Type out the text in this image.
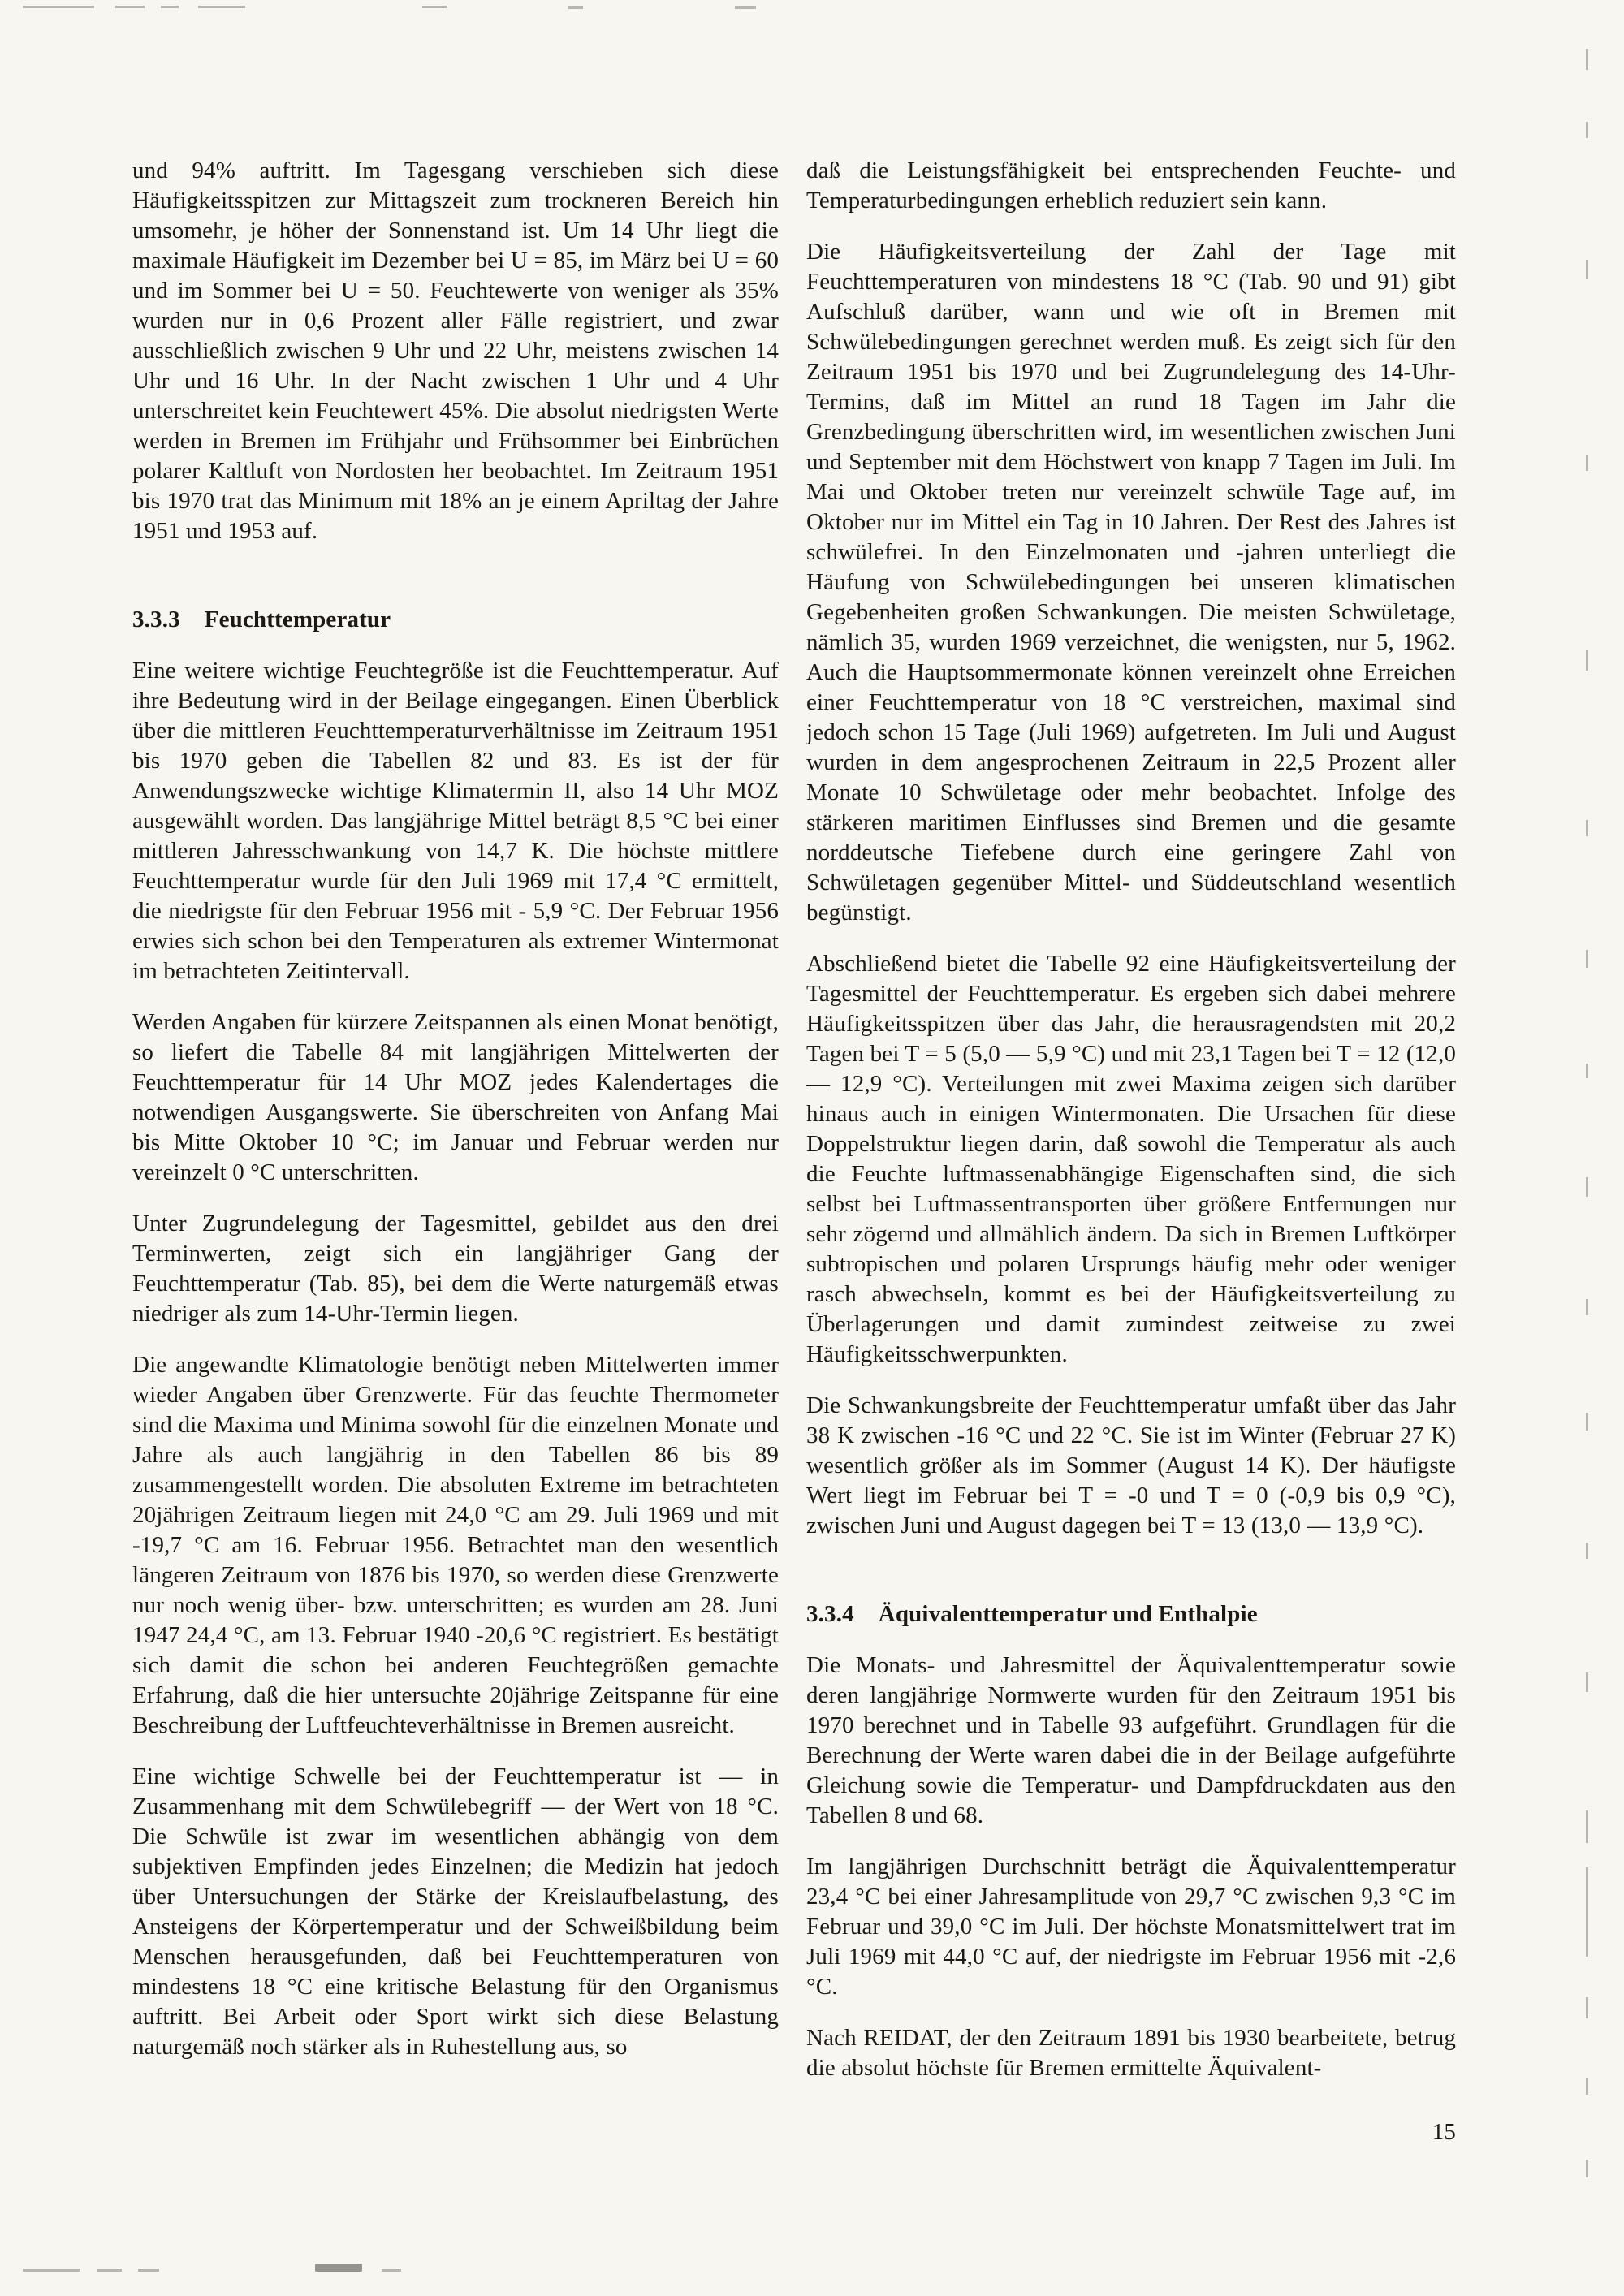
und 94% auftritt. Im Tagesgang verschieben sich diese Häufigkeitsspitzen zur Mittagszeit zum trockneren Bereich hin umsomehr, je höher der Sonnenstand ist. Um 14 Uhr liegt die maximale Häufigkeit im Dezember bei U = 85, im März bei U = 60 und im Sommer bei U = 50. Feuchtewerte von weniger als 35% wurden nur in 0,6 Prozent aller Fälle registriert, und zwar ausschließlich zwischen 9 Uhr und 22 Uhr, meistens zwischen 14 Uhr und 16 Uhr. In der Nacht zwischen 1 Uhr und 4 Uhr unterschreitet kein Feuchtewert 45%. Die absolut niedrigsten Werte werden in Bremen im Frühjahr und Frühsommer bei Einbrüchen polarer Kaltluft von Nordosten her beobachtet. Im Zeitraum 1951 bis 1970 trat das Minimum mit 18% an je einem Apriltag der Jahre 1951 und 1953 auf.

3.3.3 Feuchttemperatur

Eine weitere wichtige Feuchtegröße ist die Feuchttemperatur. Auf ihre Bedeutung wird in der Beilage eingegangen. Einen Überblick über die mittleren Feuchttemperaturverhältnisse im Zeitraum 1951 bis 1970 geben die Tabellen 82 und 83. Es ist der für Anwendungszwecke wichtige Klimatermin II, also 14 Uhr MOZ ausgewählt worden. Das langjährige Mittel beträgt 8,5 °C bei einer mittleren Jahresschwankung von 14,7 K. Die höchste mittlere Feuchttemperatur wurde für den Juli 1969 mit 17,4 °C ermittelt, die niedrigste für den Februar 1956 mit - 5,9 °C. Der Februar 1956 erwies sich schon bei den Temperaturen als extremer Wintermonat im betrachteten Zeitintervall.

Werden Angaben für kürzere Zeitspannen als einen Monat benötigt, so liefert die Tabelle 84 mit langjährigen Mittelwerten der Feuchttemperatur für 14 Uhr MOZ jedes Kalendertages die notwendigen Ausgangswerte. Sie überschreiten von Anfang Mai bis Mitte Oktober 10 °C; im Januar und Februar werden nur vereinzelt 0 °C unterschritten.

Unter Zugrundelegung der Tagesmittel, gebildet aus den drei Terminwerten, zeigt sich ein langjähriger Gang der Feuchttemperatur (Tab. 85), bei dem die Werte naturgemäß etwas niedriger als zum 14-Uhr-Termin liegen.

Die angewandte Klimatologie benötigt neben Mittelwerten immer wieder Angaben über Grenzwerte. Für das feuchte Thermometer sind die Maxima und Minima sowohl für die einzelnen Monate und Jahre als auch langjährig in den Tabellen 86 bis 89 zusammengestellt worden. Die absoluten Extreme im betrachteten 20jährigen Zeitraum liegen mit 24,0 °C am 29. Juli 1969 und mit -19,7 °C am 16. Februar 1956. Betrachtet man den wesentlich längeren Zeitraum von 1876 bis 1970, so werden diese Grenzwerte nur noch wenig über- bzw. unterschritten; es wurden am 28. Juni 1947 24,4 °C, am 13. Februar 1940 -20,6 °C registriert. Es bestätigt sich damit die schon bei anderen Feuchtegrößen gemachte Erfahrung, daß die hier untersuchte 20jährige Zeitspanne für eine Beschreibung der Luftfeuchteverhältnisse in Bremen ausreicht.

Eine wichtige Schwelle bei der Feuchttemperatur ist — in Zusammenhang mit dem Schwülebegriff — der Wert von 18 °C. Die Schwüle ist zwar im wesentlichen abhängig von dem subjektiven Empfinden jedes Einzelnen; die Medizin hat jedoch über Untersuchungen der Stärke der Kreislaufbelastung, des Ansteigens der Körpertemperatur und der Schweißbildung beim Menschen herausgefunden, daß bei Feuchttemperaturen von mindestens 18 °C eine kritische Belastung für den Organismus auftritt. Bei Arbeit oder Sport wirkt sich diese Belastung naturgemäß noch stärker als in Ruhestellung aus, so

daß die Leistungsfähigkeit bei entsprechenden Feuchte- und Temperaturbedingungen erheblich reduziert sein kann.

Die Häufigkeitsverteilung der Zahl der Tage mit Feuchttemperaturen von mindestens 18 °C (Tab. 90 und 91) gibt Aufschluß darüber, wann und wie oft in Bremen mit Schwülebedingungen gerechnet werden muß. Es zeigt sich für den Zeitraum 1951 bis 1970 und bei Zugrundelegung des 14-Uhr-Termins, daß im Mittel an rund 18 Tagen im Jahr die Grenzbedingung überschritten wird, im wesentlichen zwischen Juni und September mit dem Höchstwert von knapp 7 Tagen im Juli. Im Mai und Oktober treten nur vereinzelt schwüle Tage auf, im Oktober nur im Mittel ein Tag in 10 Jahren. Der Rest des Jahres ist schwülefrei. In den Einzelmonaten und -jahren unterliegt die Häufung von Schwülebedingungen bei unseren klimatischen Gegebenheiten großen Schwankungen. Die meisten Schwületage, nämlich 35, wurden 1969 verzeichnet, die wenigsten, nur 5, 1962. Auch die Hauptsommermonate können vereinzelt ohne Erreichen einer Feuchttemperatur von 18 °C verstreichen, maximal sind jedoch schon 15 Tage (Juli 1969) aufgetreten. Im Juli und August wurden in dem angesprochenen Zeitraum in 22,5 Prozent aller Monate 10 Schwületage oder mehr beobachtet. Infolge des stärkeren maritimen Einflusses sind Bremen und die gesamte norddeutsche Tiefebene durch eine geringere Zahl von Schwületagen gegenüber Mittel- und Süddeutschland wesentlich begünstigt.

Abschließend bietet die Tabelle 92 eine Häufigkeitsverteilung der Tagesmittel der Feuchttemperatur. Es ergeben sich dabei mehrere Häufigkeitsspitzen über das Jahr, die herausragendsten mit 20,2 Tagen bei T = 5 (5,0 — 5,9 °C) und mit 23,1 Tagen bei T = 12 (12,0 — 12,9 °C). Verteilungen mit zwei Maxima zeigen sich darüber hinaus auch in einigen Wintermonaten. Die Ursachen für diese Doppelstruktur liegen darin, daß sowohl die Temperatur als auch die Feuchte luftmassenabhängige Eigenschaften sind, die sich selbst bei Luftmassentransporten über größere Entfernungen nur sehr zögernd und allmählich ändern. Da sich in Bremen Luftkörper subtropischen und polaren Ursprungs häufig mehr oder weniger rasch abwechseln, kommt es bei der Häufigkeitsverteilung zu Überlagerungen und damit zumindest zeitweise zu zwei Häufigkeitsschwerpunkten.

Die Schwankungsbreite der Feuchttemperatur umfaßt über das Jahr 38 K zwischen -16 °C und 22 °C. Sie ist im Winter (Februar 27 K) wesentlich größer als im Sommer (August 14 K). Der häufigste Wert liegt im Februar bei T = -0 und T = 0 (-0,9 bis 0,9 °C), zwischen Juni und August dagegen bei T = 13 (13,0 — 13,9 °C).

3.3.4 Äquivalenttemperatur und Enthalpie

Die Monats- und Jahresmittel der Äquivalenttemperatur sowie deren langjährige Normwerte wurden für den Zeitraum 1951 bis 1970 berechnet und in Tabelle 93 aufgeführt. Grundlagen für die Berechnung der Werte waren dabei die in der Beilage aufgeführte Gleichung sowie die Temperatur- und Dampfdruckdaten aus den Tabellen 8 und 68.

Im langjährigen Durchschnitt beträgt die Äquivalenttemperatur 23,4 °C bei einer Jahresamplitude von 29,7 °C zwischen 9,3 °C im Februar und 39,0 °C im Juli. Der höchste Monatsmittelwert trat im Juli 1969 mit 44,0 °C auf, der niedrigste im Februar 1956 mit -2,6 °C.

Nach REIDAT, der den Zeitraum 1891 bis 1930 bearbeitete, betrug die absolut höchste für Bremen ermittelte Äquivalent-

15
